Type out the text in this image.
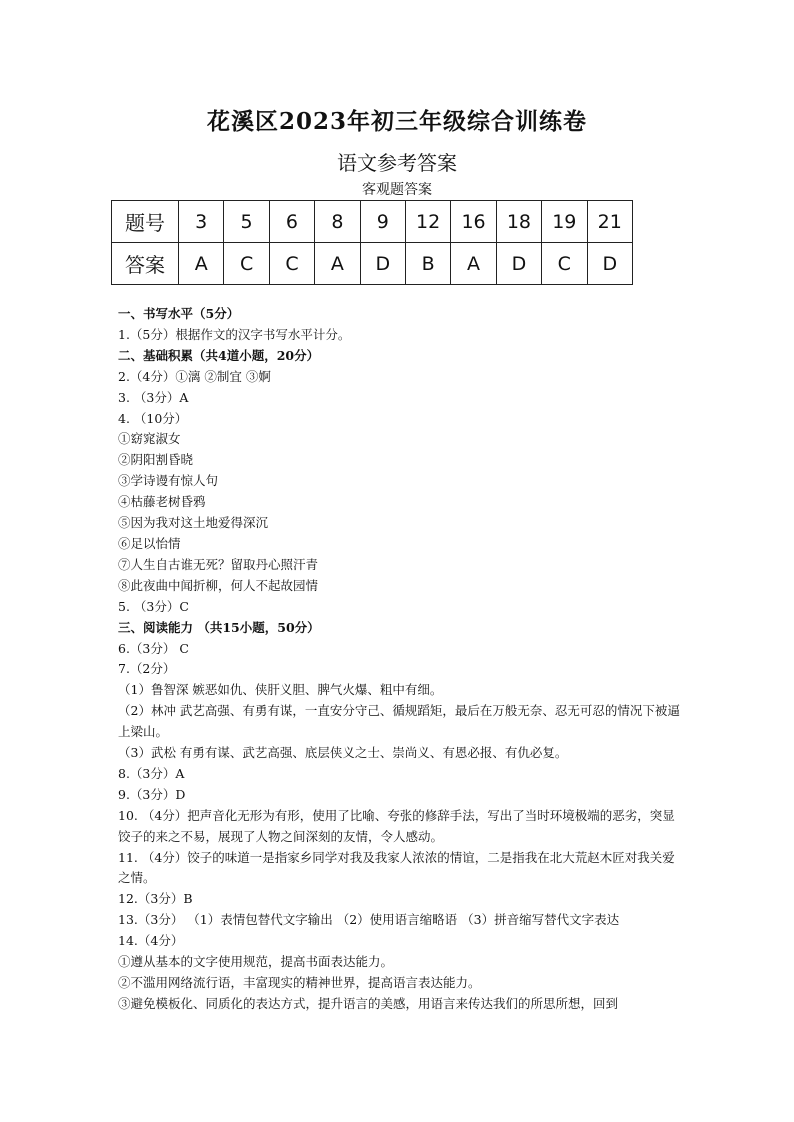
花溪区2023年初三年级综合训练卷
语文参考答案
客观题答案
题号	3	5	6	8	9	12	16	18	19	21
答案	A	C	C	A	D	B	A	D	C	D
一、书写水平（5分）
1.（5分）根据作文的汉字书写水平计分。
二、基础积累（共4道小题，20分）
2.（4分）①漓 ②制宜 ③婀
3. （3分）A
4. （10分）
①窈窕淑女
②阴阳割昏晓
③学诗谩有惊人句
④枯藤老树昏鸦
⑤因为我对这土地爱得深沉
⑥足以怡情
⑦人生自古谁无死？留取丹心照汗青
⑧此夜曲中闻折柳，何人不起故园情
5. （3分）C
三、阅读能力 （共15小题，50分）
6.（3分） C
7.（2分）
（1）鲁智深 嫉恶如仇、侠肝义胆、脾气火爆、粗中有细。
（2）林冲 武艺高强、有勇有谋，一直安分守己、循规蹈矩，最后在万般无奈、忍无可忍的情况下被逼上梁山。
（3）武松 有勇有谋、武艺高强、底层侠义之士、崇尚义、有恩必报、有仇必复。
8.（3分）A
9.（3分）D
10. （4分）把声音化无形为有形，使用了比喻、夸张的修辞手法，写出了当时环境极端的恶劣，突显饺子的来之不易，展现了人物之间深刻的友情，令人感动。
11. （4分）饺子的味道一是指家乡同学对我及我家人浓浓的情谊，二是指我在北大荒赵木匠对我关爱之情。
12.（3分）B
13.（3分） （1）表情包替代文字输出 （2）使用语言缩略语 （3）拼音缩写替代文字表达
14.（4分）
①遵从基本的文字使用规范，提高书面表达能力。
②不滥用网络流行语，丰富现实的精神世界，提高语言表达能力。
③避免模板化、同质化的表达方式，提升语言的美感，用语言来传达我们的所思所想，回到
